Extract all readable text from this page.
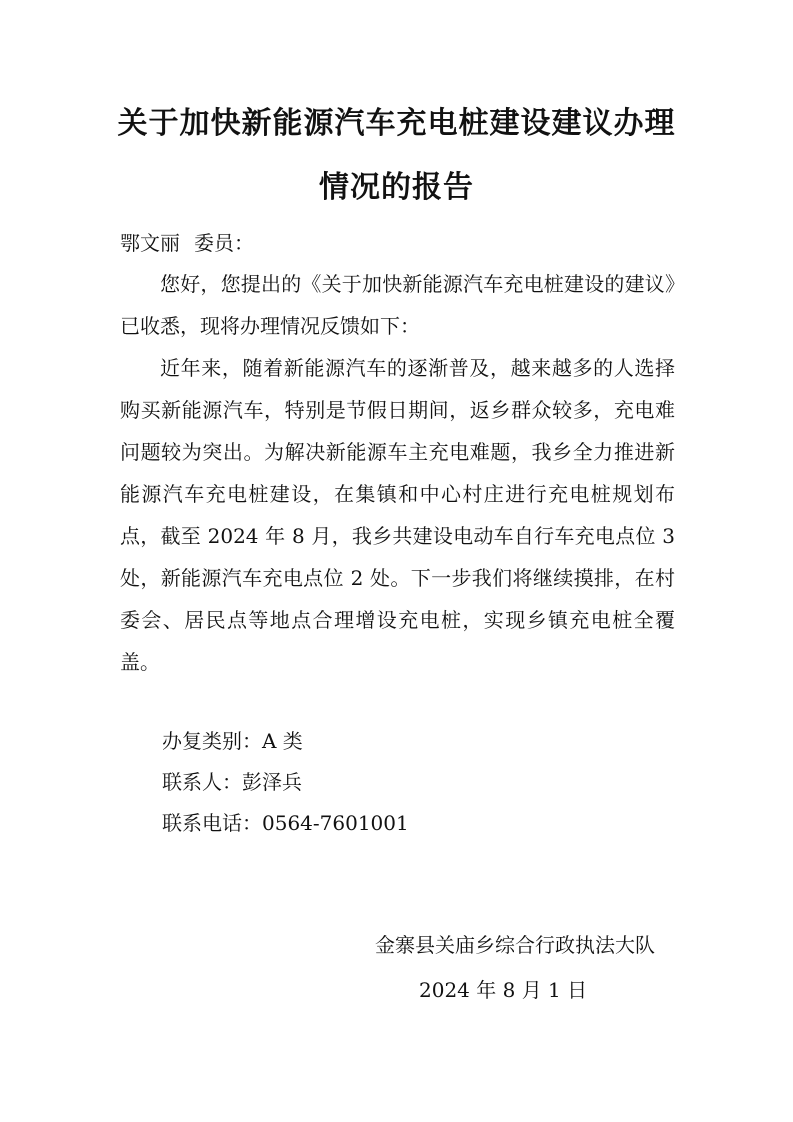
关于加快新能源汽车充电桩建设建议办理
情况的报告

鄂文丽 委员：

您好，您提出的《关于加快新能源汽车充电桩建设的建议》已收悉，现将办理情况反馈如下：

近年来，随着新能源汽车的逐渐普及，越来越多的人选择购买新能源汽车，特别是节假日期间，返乡群众较多，充电难问题较为突出。为解决新能源车主充电难题，我乡全力推进新能源汽车充电桩建设，在集镇和中心村庄进行充电桩规划布点，截至 2024 年 8 月，我乡共建设电动车自行车充电点位 3 处，新能源汽车充电点位 2 处。下一步我们将继续摸排，在村委会、居民点等地点合理增设充电桩，实现乡镇充电桩全覆盖。

办复类别：A 类

联系人：彭泽兵

联系电话：0564-7601001

金寨县关庙乡综合行政执法大队

2024 年 8 月 1 日
